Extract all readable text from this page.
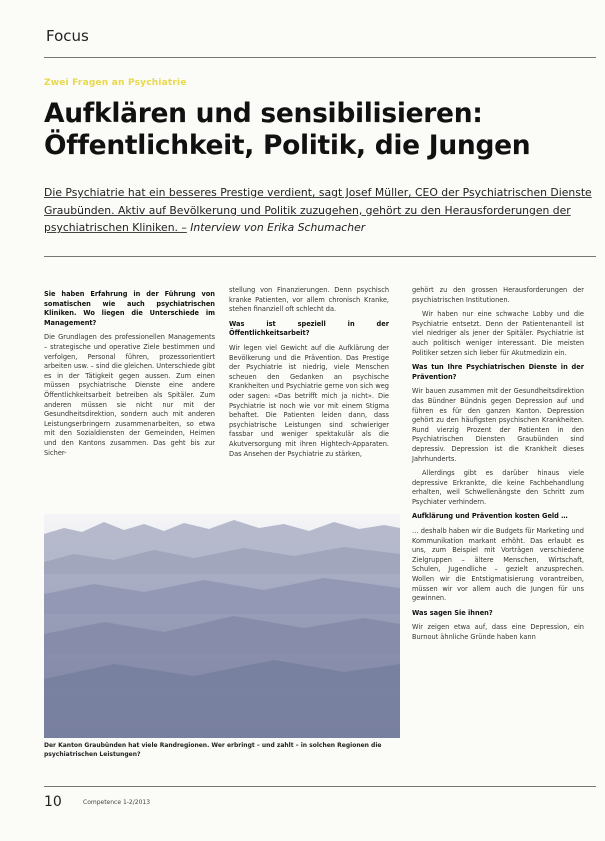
Focus
Zwei Fragen an Psychiatrie
Aufklären und sensibilisieren: Öffentlichkeit, Politik, die Jungen
Die Psychiatrie hat ein besseres Prestige verdient, sagt Josef Müller, CEO der Psychiatrischen Dienste Graubünden. Aktiv auf Bevölkerung und Politik zuzugehen, gehört zu den Herausforderungen der psychiatrischen Kliniken. – Interview von Erika Schumacher

Sie haben Erfahrung in der Führung von somatischen wie auch psychiatrischen Kliniken. Wo liegen die Unterschiede im Management?

Die Grundlagen des professionellen Managements – strategische und operative Ziele bestimmen und verfolgen, Personal führen, prozessorientiert arbeiten usw. – sind die gleichen. Unterschiede gibt es in der Tätigkeit gegen aussen. Zum einen müssen psychiatrische Dienste eine andere Öffentlichkeitsarbeit betreiben als Spitäler. Zum anderen müssen sie nicht nur mit der Gesundheitsdirektion, sondern auch mit anderen Leistungserbringern zusammenarbeiten, so etwa mit den Sozialdiensten der Gemeinden, Heimen und den Kantons zusammen. Das geht bis zur Sicher-

stellung von Finanzierungen. Denn psychisch kranke Patienten, vor allem chronisch Kranke, stehen finanziell oft schlecht da.

Was ist speziell in der Öffentlichkeitsarbeit?

Wir legen viel Gewicht auf die Aufklärung der Bevölkerung und die Prävention. Das Prestige der Psychiatrie ist niedrig, viele Menschen scheuen den Gedanken an psychische Krankheiten und Psychiatrie gerne von sich weg oder sagen: «Das betrifft mich ja nicht». Die Psychiatrie ist noch wie vor mit einem Stigma behaftet. Die Patienten leiden dann, dass psychiatrische Leistungen sind schwieriger fassbar und weniger spektakulär als die Akutversorgung mit ihren Hightech-Apparaten. Das Ansehen der Psychiatrie zu stärken,

gehört zu den grossen Herausforderungen der psychiatrischen Institutionen.

Wir haben nur eine schwache Lobby und die Psychiatrie entsetzt. Denn der Patientenanteil ist viel niedriger als jener der Spitäler. Psychiatrie ist auch politisch weniger interessant. Die meisten Politiker setzen sich lieber für Akutmedizin ein.

Was tun Ihre Psychiatrischen Dienste in der Prävention?

Wir bauen zusammen mit der Gesundheitsdirektion das Bündner Bündnis gegen Depression auf und führen es für den ganzen Kanton. Depression gehört zu den häufigsten psychischen Krankheiten. Rund vierzig Prozent der Patienten in den Psychiatrischen Diensten Graubünden sind depressiv. Depression ist die Krankheit dieses Jahrhunderts.

Allerdings gibt es darüber hinaus viele depressive Erkrankte, die keine Fachbehandlung erhalten, weil Schwellenängste den Schritt zum Psychiater verhindern.

Aufklärung und Prävention kosten Geld …

… deshalb haben wir die Budgets für Marketing und Kommunikation markant erhöht. Das erlaubt es uns, zum Beispiel mit Vorträgen verschiedene Zielgruppen – ältere Menschen, Wirtschaft, Schulen, Jugendliche – gezielt anzusprechen. Wollen wir die Entstigmatisierung vorantreiben, müssen wir vor allem auch die Jungen für uns gewinnen.

Was sagen Sie ihnen?

Wir zeigen etwa auf, dass eine Depression, ein Burnout ähnliche Gründe haben kann

Der Kanton Graubünden hat viele Randregionen. Wer erbringt – und zahlt – in solchen Regionen die psychiatrischen Leistungen?
10	Competence 1-2/2013
